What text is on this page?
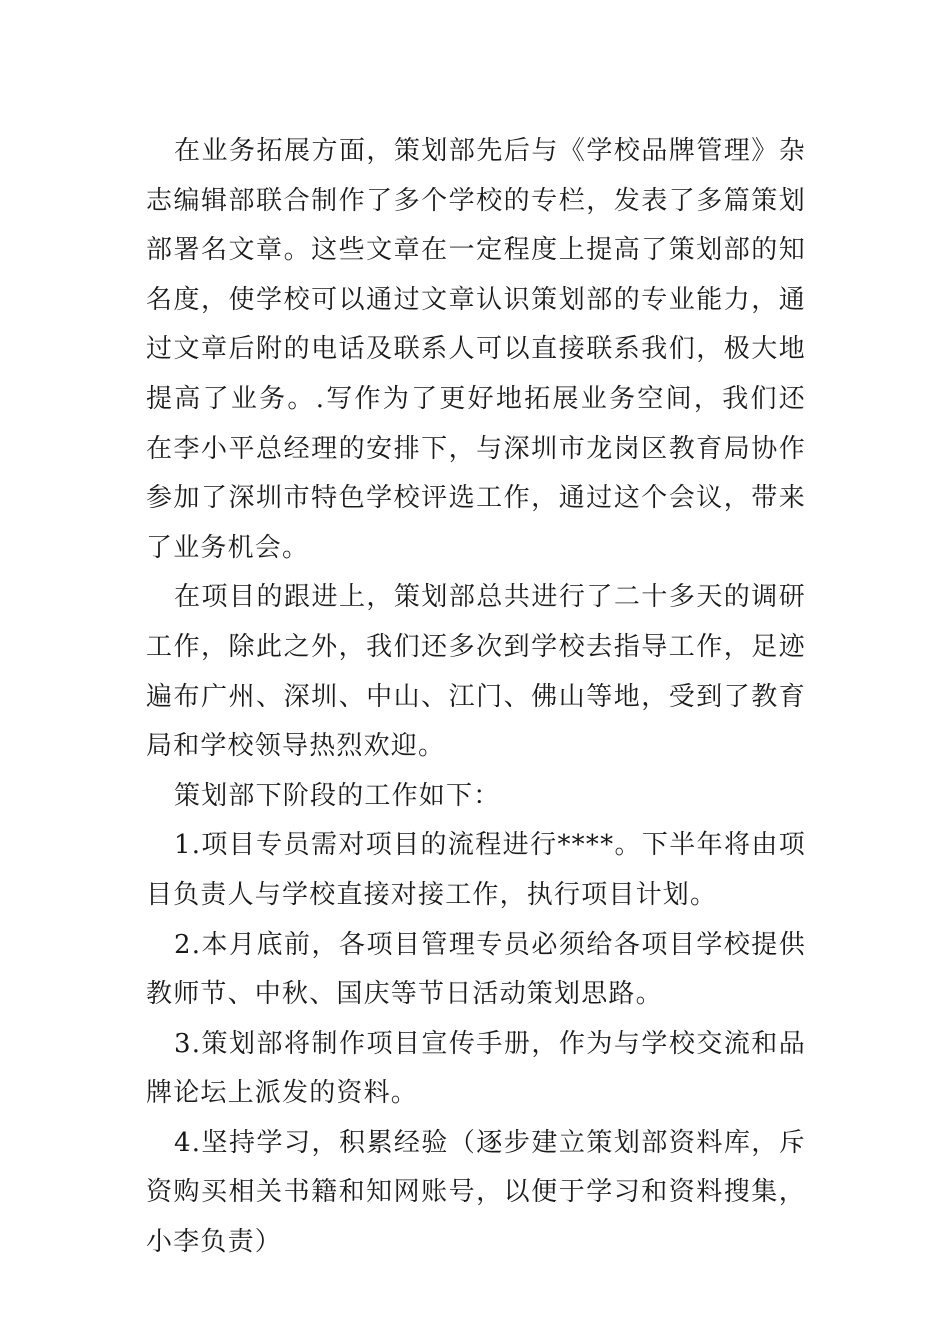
在业务拓展方面，策划部先后与《学校品牌管理》杂志编辑部联合制作了多个学校的专栏，发表了多篇策划部署名文章。这些文章在一定程度上提高了策划部的知名度，使学校可以通过文章认识策划部的专业能力，通过文章后附的电话及联系人可以直接联系我们，极大地提高了业务。.写作为了更好地拓展业务空间，我们还在李小平总经理的安排下，与深圳市龙岗区教育局协作参加了深圳市特色学校评选工作，通过这个会议，带来了业务机会。

在项目的跟进上，策划部总共进行了二十多天的调研工作，除此之外，我们还多次到学校去指导工作，足迹遍布广州、深圳、中山、江门、佛山等地，受到了教育局和学校领导热烈欢迎。

策划部下阶段的工作如下：

1.项目专员需对项目的流程进行****。下半年将由项目负责人与学校直接对接工作，执行项目计划。

2.本月底前，各项目管理专员必须给各项目学校提供教师节、中秋、国庆等节日活动策划思路。

3.策划部将制作项目宣传手册，作为与学校交流和品牌论坛上派发的资料。

4.坚持学习，积累经验（逐步建立策划部资料库，斥资购买相关书籍和知网账号，以便于学习和资料搜集，小李负责）
